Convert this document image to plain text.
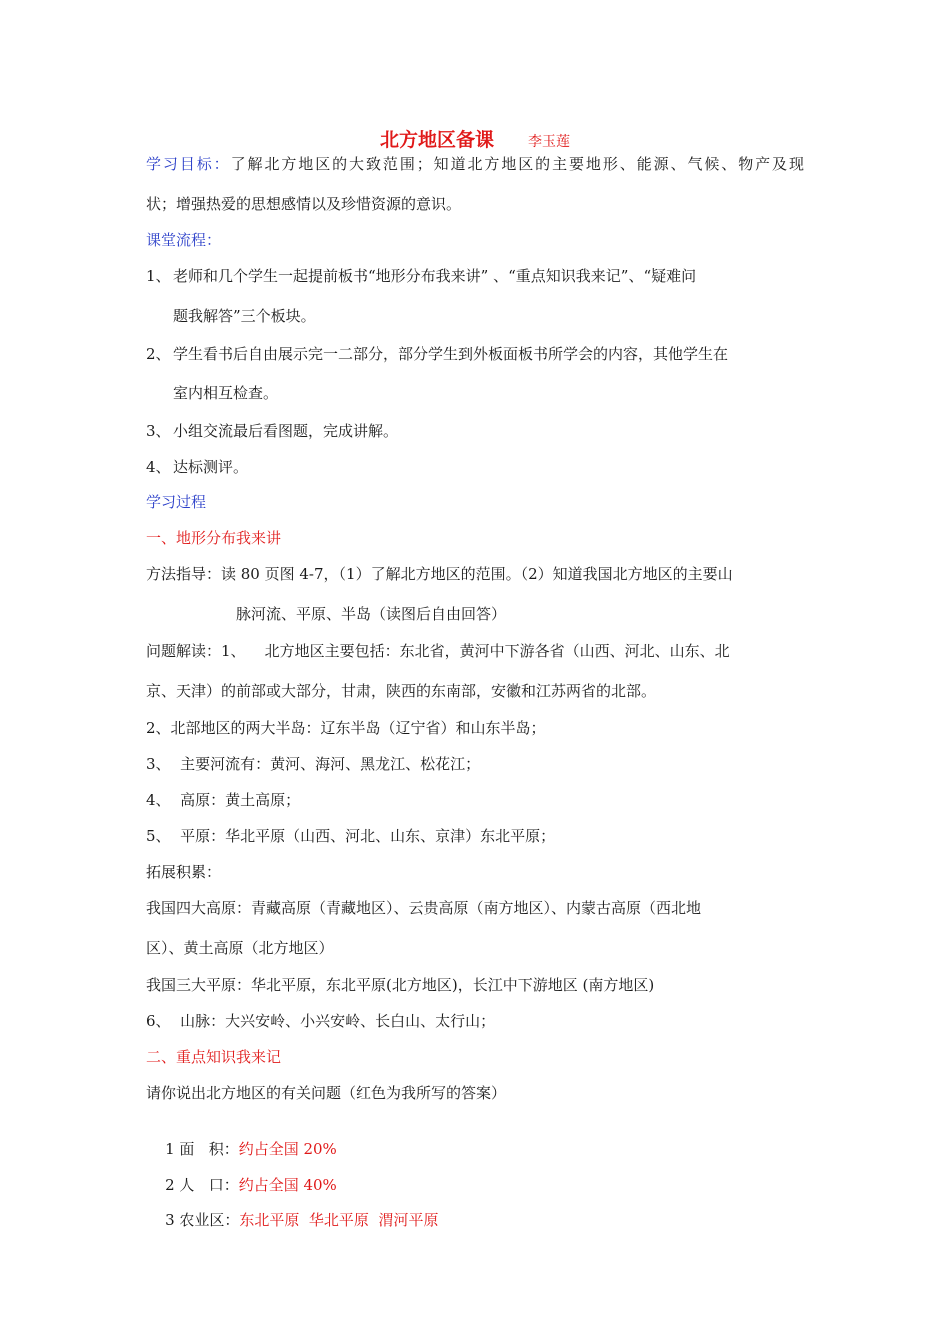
北方地区备课 李玉莲
学习目标：了解北方地区的大致范围；知道北方地区的主要地形、能源、气候、物产及现
状；增强热爱的思想感情以及珍惜资源的意识。
课堂流程：
1、 老师和几个学生一起提前板书“地形分布我来讲” 、“重点知识我来记”、“疑难问
题我解答”三个板块。
2、 学生看书后自由展示完一二部分，部分学生到外板面板书所学会的内容，其他学生在
室内相互检查。
3、 小组交流最后看图题，完成讲解。
4、 达标测评。
学习过程
一、地形分布我来讲
方法指导：读 80 页图 4-7，（1）了解北方地区的范围。（2）知道我国北方地区的主要山
脉河流、平原、半岛（读图后自由回答）
问题解读：1、    北方地区主要包括：东北省，黄河中下游各省（山西、河北、山东、北
京、天津）的前部或大部分，甘肃，陕西的东南部，安徽和江苏两省的北部。
2、北部地区的两大半岛：辽东半岛（辽宁省）和山东半岛；
3、  主要河流有：黄河、海河、黑龙江、松花江；
4、  高原：黄土高原；
5、  平原：华北平原（山西、河北、山东、京津）东北平原；
拓展积累：
我国四大高原：青藏高原（青藏地区）、云贵高原（南方地区）、内蒙古高原（西北地
区）、黄土高原（北方地区）
我国三大平原：华北平原，东北平原(北方地区)，长江中下游地区 (南方地区)
6、  山脉：大兴安岭、小兴安岭、长白山、太行山；
二、重点知识我来记
请你说出北方地区的有关问题（红色为我所写的答案）

1 面   积：约占全国 20%

2 人   口：约占全国 40%

3 农业区：东北平原  华北平原  渭河平原
